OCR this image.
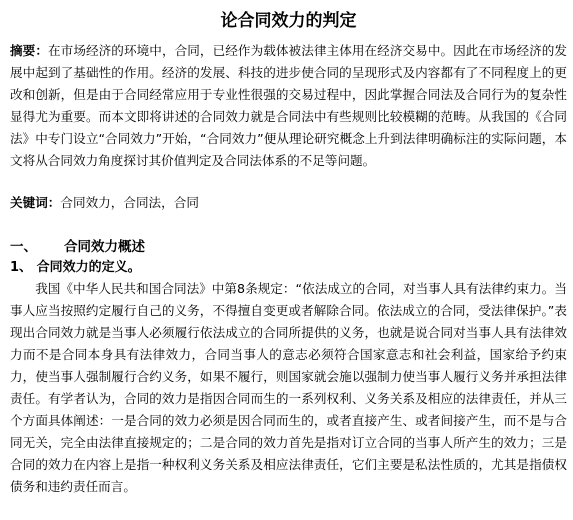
论合同效力的判定

摘要：在市场经济的环境中，合同，已经作为载体被法律主体用在经济交易中。因此在市场经济的发展中起到了基础性的作用。经济的发展、科技的进步使合同的呈现形式及内容都有了不同程度上的更改和创新，但是由于合同经常应用于专业性很强的交易过程中，因此掌握合同法及合同行为的复杂性显得尤为重要。而本文即将讲述的合同效力就是合同法中有些规则比较模糊的范畴。从我国的《合同法》中专门设立“合同效力”开始，“合同效力”便从理论研究概念上升到法律明确标注的实际问题，本文将从合同效力角度探讨其价值判定及合同法体系的不足等问题。

关键词：合同效力，合同法，合同

一、 合同效力概述
1、 合同效力的定义。

我国《中华人民共和国合同法》中第8条规定：“依法成立的合同，对当事人具有法律约束力。当事人应当按照约定履行自己的义务，不得擅自变更或者解除合同。依法成立的合同，受法律保护。”表现出合同效力就是当事人必须履行依法成立的合同所提供的义务，也就是说合同对当事人具有法律效力而不是合同本身具有法律效力，合同当事人的意志必须符合国家意志和社会利益，国家给予约束力，使当事人强制履行合约义务，如果不履行，则国家就会施以强制力使当事人履行义务并承担法律责任。有学者认为，合同的效力是指因合同而生的一系列权利、义务关系及相应的法律责任，并从三个方面具体阐述：一是合同的效力必须是因合同而生的，或者直接产生、或者间接产生，而不是与合同无关，完全由法律直接规定的；二是合同的效力首先是指对订立合同的当事人所产生的效力；三是合同的效力在内容上是指一种权利义务关系及相应法律责任，它们主要是私法性质的，尤其是指债权债务和违约责任而言。
